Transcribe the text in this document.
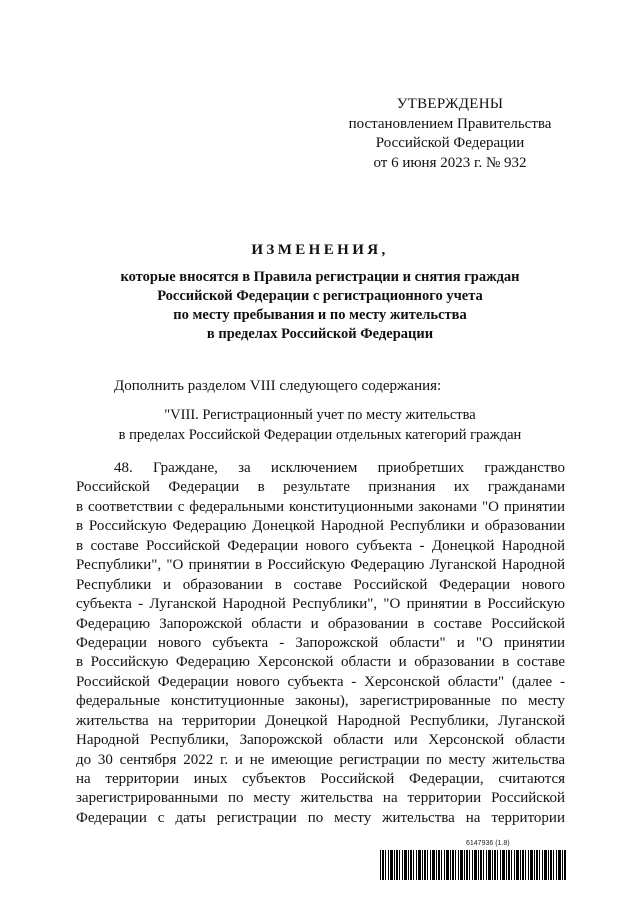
УТВЕРЖДЕНЫ
постановлением Правительства
Российской Федерации
от 6 июня 2023 г. № 932
ИЗМЕНЕНИЯ,
которые вносятся в Правила регистрации и снятия граждан
Российской Федерации с регистрационного учета
по месту пребывания и по месту жительства
в пределах Российской Федерации
Дополнить разделом VIII следующего содержания:
"VIII. Регистрационный учет по месту жительства
в пределах Российской Федерации отдельных категорий граждан
48. Граждане, за исключением приобретших гражданство
Российской Федерации в результате признания их гражданами
в соответствии с федеральными конституционными законами "О принятии
в Российскую Федерацию Донецкой Народной Республики и образовании
в составе Российской Федерации нового субъекта - Донецкой Народной
Республики", "О принятии в Российскую Федерацию Луганской Народной
Республики и образовании в составе Российской Федерации нового
субъекта - Луганской Народной Республики", "О принятии в Российскую
Федерацию Запорожской области и образовании в составе Российской
Федерации нового субъекта - Запорожской области" и "О принятии
в Российскую Федерацию Херсонской области и образовании в составе
Российской Федерации нового субъекта - Херсонской области" (далее -
федеральные конституционные законы), зарегистрированные по месту
жительства на территории Донецкой Народной Республики, Луганской
Народной Республики, Запорожской области или Херсонской области
до 30 сентября 2022 г. и не имеющие регистрации по месту жительства
на территории иных субъектов Российской Федерации, считаются
зарегистрированными по месту жительства на территории Российской
Федерации с даты регистрации по месту жительства на территории
6147936 (1.8)
